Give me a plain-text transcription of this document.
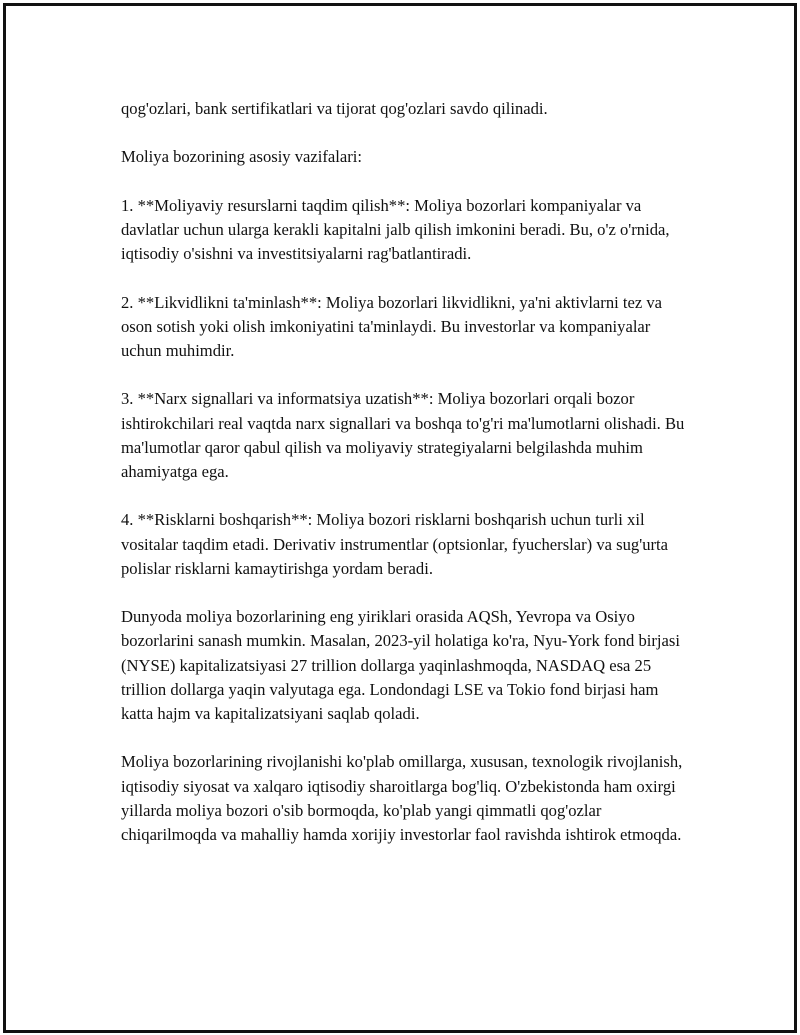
qog'ozlari, bank sertifikatlari va tijorat qog'ozlari savdo qilinadi.

Moliya bozorining asosiy vazifalari:

1. **Moliyaviy resurslarni taqdim qilish**: Moliya bozorlari kompaniyalar va davlatlar uchun ularga kerakli kapitalni jalb qilish imkonini beradi. Bu, o'z o'rnida, iqtisodiy o'sishni va investitsiyalarni rag'batlantiradi.

2. **Likvidlikni ta'minlash**: Moliya bozorlari likvidlikni, ya'ni aktivlarni tez va oson sotish yoki olish imkoniyatini ta'minlaydi. Bu investorlar va kompaniyalar uchun muhimdir.

3. **Narx signallari va informatsiya uzatish**: Moliya bozorlari orqali bozor ishtirokchilari real vaqtda narx signallari va boshqa to'g'ri ma'lumotlarni olishadi. Bu ma'lumotlar qaror qabul qilish va moliyaviy strategiyalarni belgilashda muhim ahamiyatga ega.

4. **Risklarni boshqarish**: Moliya bozori risklarni boshqarish uchun turli xil vositalar taqdim etadi. Derivativ instrumentlar (optsionlar, fyucherslar) va sug'urta polislar risklarni kamaytirishga yordam beradi.

Dunyoda moliya bozorlarining eng yiriklari orasida AQSh, Yevropa va Osiyo bozorlarini sanash mumkin. Masalan, 2023-yil holatiga ko'ra, Nyu-York fond birjasi (NYSE) kapitalizatsiyasi 27 trillion dollarga yaqinlashmoqda, NASDAQ esa 25 trillion dollarga yaqin valyutaga ega. Londondagi LSE va Tokio fond birjasi ham katta hajm va kapitalizatsiyani saqlab qoladi.

Moliya bozorlarining rivojlanishi ko'plab omillarga, xususan, texnologik rivojlanish, iqtisodiy siyosat va xalqaro iqtisodiy sharoitlarga bog'liq. O'zbekistonda ham oxirgi yillarda moliya bozori o'sib bormoqda, ko'plab yangi qimmatli qog'ozlar chiqarilmoqda va mahalliy hamda xorijiy investorlar faol ravishda ishtirok etmoqda.
